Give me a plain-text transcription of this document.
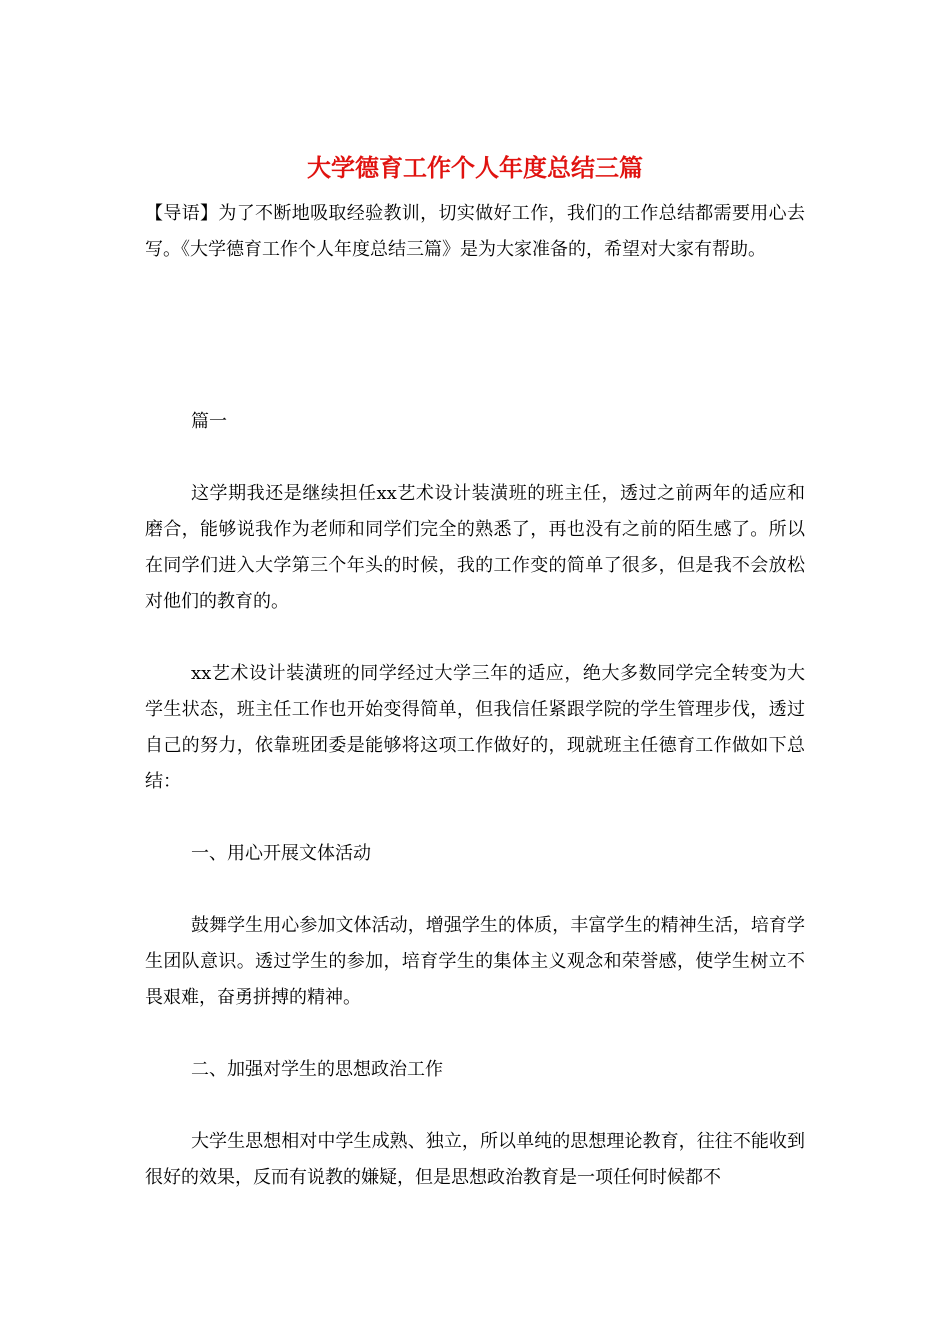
大学德育工作个人年度总结三篇

【导语】为了不断地吸取经验教训，切实做好工作，我们的工作总结都需要用心去写。《大学德育工作个人年度总结三篇》是为大家准备的，希望对大家有帮助。

篇一

这学期我还是继续担任xx艺术设计装潢班的班主任，透过之前两年的适应和磨合，能够说我作为老师和同学们完全的熟悉了，再也没有之前的陌生感了。所以在同学们进入大学第三个年头的时候，我的工作变的简单了很多，但是我不会放松对他们的教育的。

xx艺术设计装潢班的同学经过大学三年的适应，绝大多数同学完全转变为大学生状态，班主任工作也开始变得简单，但我信任紧跟学院的学生管理步伐，透过自己的努力，依靠班团委是能够将这项工作做好的，现就班主任德育工作做如下总结：

一、用心开展文体活动

鼓舞学生用心参加文体活动，增强学生的体质，丰富学生的精神生活，培育学生团队意识。透过学生的参加，培育学生的集体主义观念和荣誉感，使学生树立不畏艰难，奋勇拼搏的精神。

二、加强对学生的思想政治工作

大学生思想相对中学生成熟、独立，所以单纯的思想理论教育，往往不能收到很好的效果，反而有说教的嫌疑，但是思想政治教育是一项任何时候都不
